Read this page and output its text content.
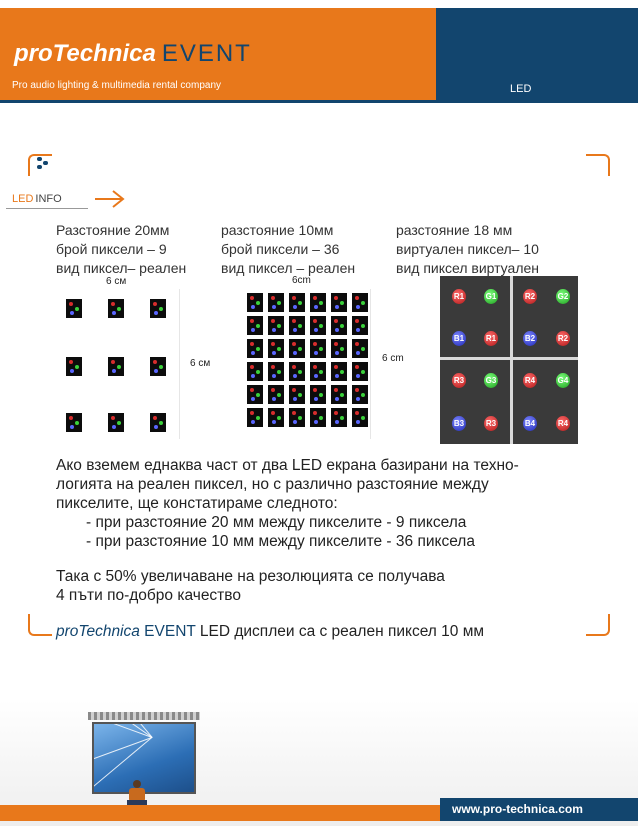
proTechnica EVENT
Pro audio lighting & multimedia rental company	LED
LED INFO
Разстояние 20мм
брой пиксели – 9
вид пиксел– реален
разстояние 10мм
брой пиксели – 36
вид пиксел – реален
разстояние 18 мм
виртуален пиксел– 10
вид пиксел виртуален
6 см
6 см
6cm
6 cm
R1	G1	R2	G2
B1	R1	B2	R2
R3	G3	R4	G4
B3	R3	B4	R4

Ако вземем еднаква част от два LED екрана базирани на техно-

логията на реален пиксел, но с различно разстояние между

пикселите, ще констатираме следното:

- при разстояние 20 мм между пикселите - 9 пиксела

- при разстояние 10 мм между пикселите - 36 пиксела

Така с 50% увеличаване на резолюцията се получава

4 пъти по-добро качество

proTechnica EVENT LED дисплеи са с реален пиксел 10 мм
www.pro-technica.com
